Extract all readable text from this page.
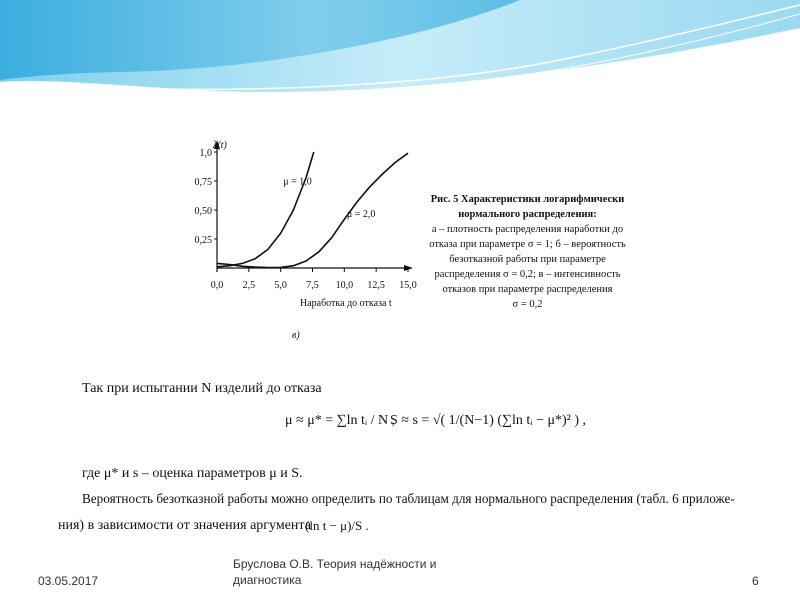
0,0 2,5 5,0 7,5 10,0 12,5 15,0
0,25
0,50
0,75
1,0
λ(t)
Наработка до отказа t
μ = 1,0
μ = 2,0
в)
Рис. 5 Характеристики логарифмически нормального распределения:
а – плотность распределения наработки до
отказа при параметре σ = 1; б – вероятность
безотказной работы при параметре
распределения σ = 0,2; в – интенсивность
отказов при параметре распределения
σ = 0,2
Так при испытании N изделий до отказа
μ ≈ μ* = ∑ln tᵢ / N ,
S ≈ s = √( 1/(N−1) (∑ln tᵢ − μ*)² ) ,
где μ* и s – оценка параметров μ и S.
Вероятность безотказной работы можно определить по таблицам для нормального распределения (табл. 6 приложе-
ния) в зависимости от значения аргумента
(ln t − μ)/S .
03.05.2017
Бруслова О.В. Теория надёжности и
диагностика	6
